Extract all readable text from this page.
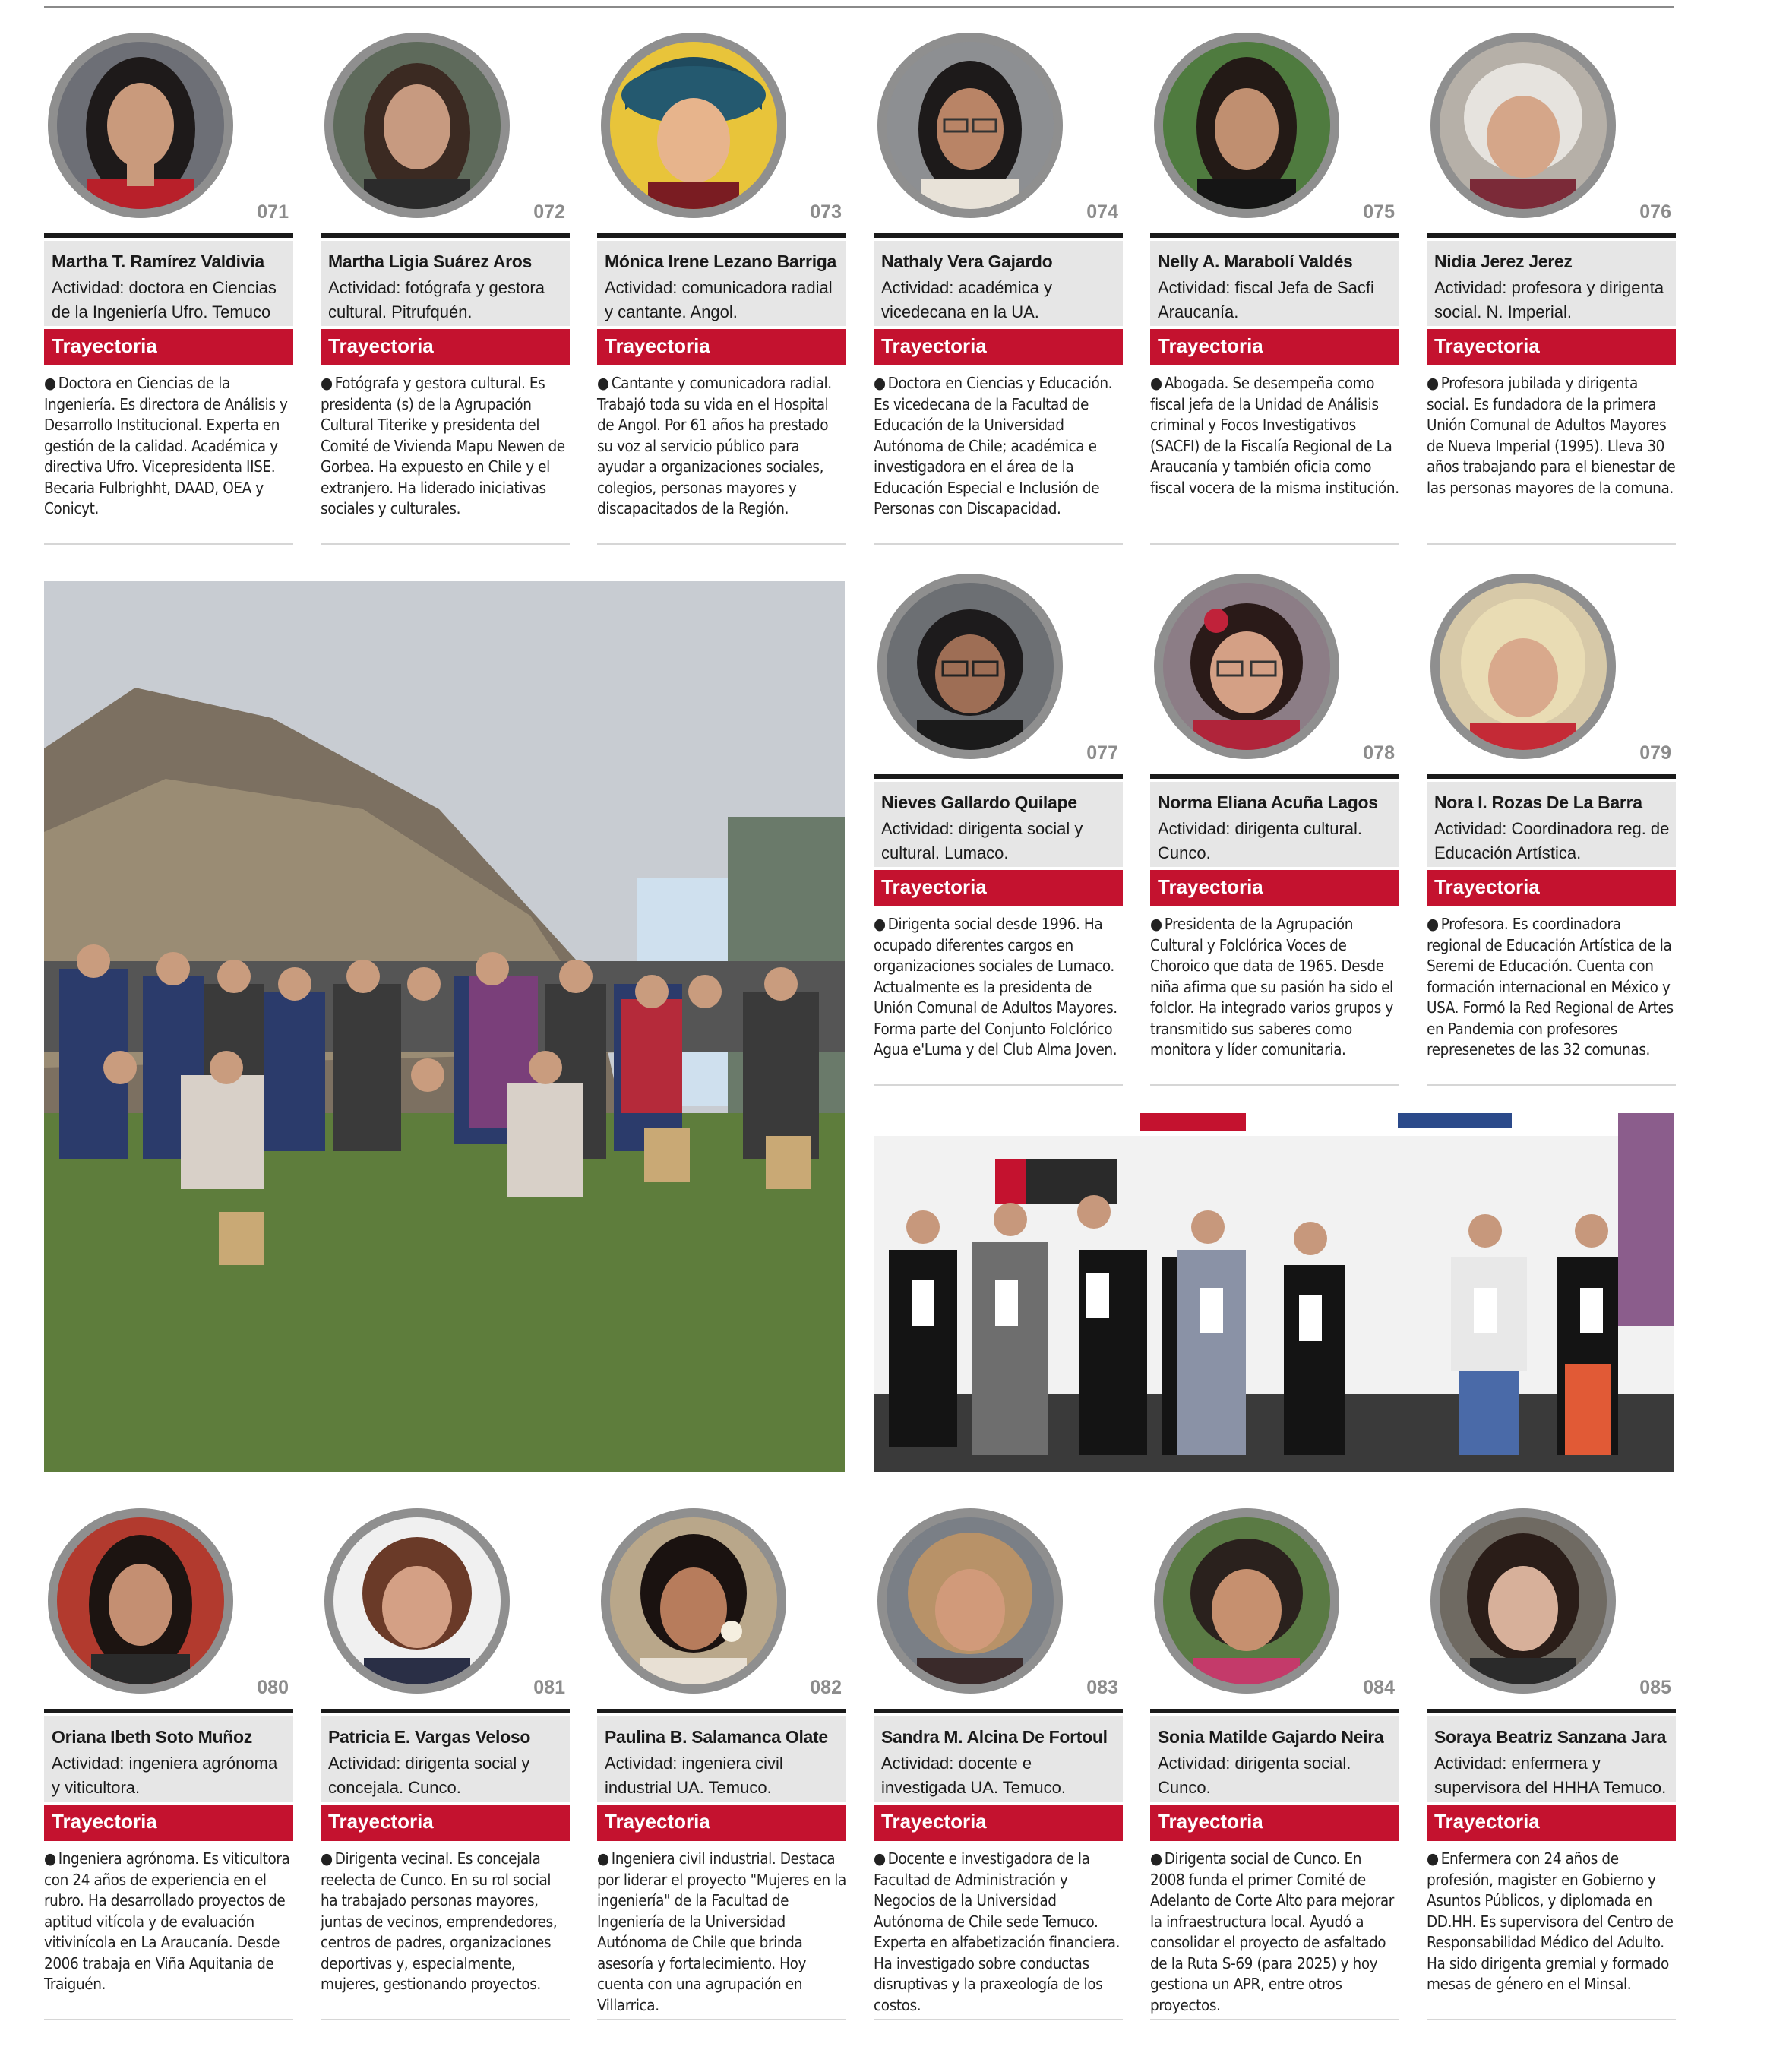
071
Martha T. Ramírez Valdivia
Actividad: doctora en Ciencias de la Ingeniería Ufro. Temuco
Trayectoria
● Doctora en Ciencias de la Ingeniería. Es directora de Análisis y Desarrollo Institucional. Experta en gestión de la calidad. Académica y directiva Ufro. Vicepresidenta IISE. Becaria Fulbrighht, DAAD, OEA y Conicyt.
072
Martha Ligia Suárez Aros
Actividad: fotógrafa y gestora cultural. Pitrufquén.
Trayectoria
● Fotógrafa y gestora cultural. Es presidenta (s) de la Agrupación Cultural Titerike y presidenta del Comité de Vivienda Mapu Newen de Gorbea. Ha expuesto en Chile y el extranjero. Ha liderado iniciativas sociales y culturales.
073
Mónica Irene Lezano Barriga
Actividad: comunicadora radial y cantante. Angol.
Trayectoria
● Cantante y comunicadora radial. Trabajó toda su vida en el Hospital de Angol. Por 61 años ha prestado su voz al servicio público para ayudar a organizaciones sociales, colegios, personas mayores y discapacitados de la Región.
074
Nathaly Vera Gajardo
Actividad: académica y vicedecana en la UA.
Trayectoria
● Doctora en Ciencias y Educación. Es vicedecana de la Facultad de Educación de la Universidad Autónoma de Chile; académica e investigadora en el área de la Educación Especial e Inclusión de Personas con Discapacidad.
075
Nelly A. Marabolí Valdés
Actividad: fiscal Jefa de Sacfi Araucanía.
Trayectoria
● Abogada. Se desempeña como fiscal jefa de la Unidad de Análisis criminal y Focos Investigativos (SACFI) de la Fiscalía Regional de La Araucanía y también oficia como fiscal vocera de la misma institución.
076
Nidia Jerez Jerez
Actividad: profesora y dirigenta social. N. Imperial.
Trayectoria
● Profesora jubilada y dirigenta social. Es fundadora de la primera Unión Comunal de Adultos Mayores de Nueva Imperial (1995). Lleva 30 años trabajando para el bienestar de las personas mayores de la comuna.
077
Nieves Gallardo Quilape
Actividad: dirigenta social y cultural. Lumaco.
Trayectoria
● Dirigenta social desde 1996. Ha ocupado diferentes cargos en organizaciones sociales de Lumaco. Actualmente es la presidenta de Unión Comunal de Adultos Mayores. Forma parte del Conjunto Folclórico Agua e'Luma y del Club Alma Joven.
078
Norma Eliana Acuña Lagos
Actividad: dirigenta cultural. Cunco.
Trayectoria
● Presidenta de la Agrupación Cultural y Folclórica Voces de Choroico que data de 1965. Desde niña afirma que su pasión ha sido el folclor. Ha integrado varios grupos y transmitido sus saberes como monitora y líder comunitaria.
079
Nora I. Rozas De La Barra
Actividad: Coordinadora reg. de Educación Artística.
Trayectoria
● Profesora. Es coordinadora regional de Educación Artística de la Seremi de Educación. Cuenta con formación internacional en México y USA. Formó la Red Regional de Artes en Pandemia con profesores represenetes de las 32 comunas.
080
Oriana Ibeth Soto Muñoz
Actividad: ingeniera agrónoma y viticultora.
Trayectoria
● Ingeniera agrónoma. Es viticultora con 24 años de experiencia en el rubro. Ha desarrollado proyectos de aptitud vitícola y de evaluación vitivinícola en La Araucanía. Desde 2006 trabaja en Viña Aquitania de Traiguén.
081
Patricia E. Vargas Veloso
Actividad: dirigenta social y concejala. Cunco.
Trayectoria
● Dirigenta vecinal. Es concejala reelecta de Cunco. En su rol social ha trabajado personas mayores, juntas de vecinos, emprendedores, centros de padres, organizaciones deportivas y, especialmente, mujeres, gestionando proyectos.
082
Paulina B. Salamanca Olate
Actividad: ingeniera civil industrial UA. Temuco.
Trayectoria
● Ingeniera civil industrial. Destaca por liderar el proyecto "Mujeres en la ingeniería" de la Facultad de Ingeniería de la Universidad Autónoma de Chile que brinda asesoría y fortalecimiento. Hoy cuenta con una agrupación en Villarrica.
083
Sandra M. Alcina De Fortoul
Actividad: docente e investigada UA. Temuco.
Trayectoria
● Docente e investigadora de la Facultad de Administración y Negocios de la Universidad Autónoma de Chile sede Temuco. Experta en alfabetización financiera. Ha investigado sobre conductas disruptivas y la praxeología de los costos.
084
Sonia Matilde Gajardo Neira
Actividad: dirigenta social. Cunco.
Trayectoria
● Dirigenta social de Cunco. En 2008 funda el primer Comité de Adelanto de Corte Alto para mejorar la infraestructura local. Ayudó a consolidar el proyecto de asfaltado de la Ruta S-69 (para 2025) y hoy gestiona un APR, entre otros proyectos.
085
Soraya Beatriz Sanzana Jara
Actividad: enfermera y supervisora del HHHA Temuco.
Trayectoria
● Enfermera con 24 años de profesión, magister en Gobierno y Asuntos Públicos, y diplomada en DD.HH. Es supervisora del Centro de Responsabilidad Médico del Adulto. Ha sido dirigenta gremial y formado mesas de género en el Minsal.
